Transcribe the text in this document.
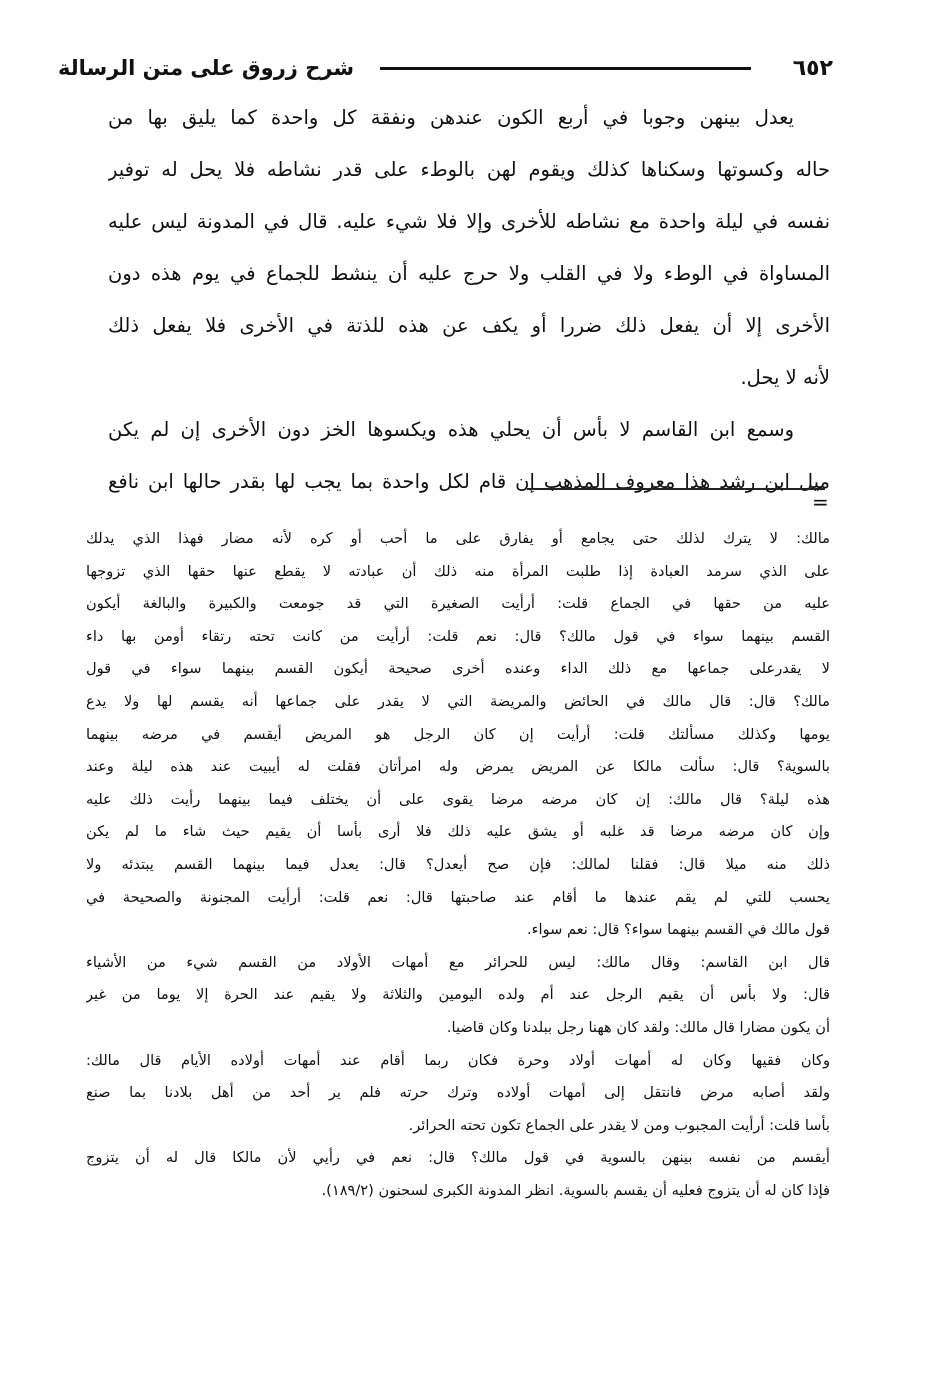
٦٥٢
شرح زروق على متن الرسالة
يعدل بينهن وجوبا في أربع الكون عندهن ونفقة كل واحدة كما يليق بها من
حاله وكسوتها وسكناها كذلك ويقوم لهن بالوطء على قدر نشاطه فلا يحل له توفير
نفسه في ليلة واحدة مع نشاطه للأخرى وإلا فلا شيء عليه. قال في المدونة ليس عليه
المساواة في الوطء ولا في القلب ولا حرج عليه أن ينشط للجماع في يوم هذه دون
الأخرى إلا أن يفعل ذلك ضررا أو يكف عن هذه للذتة في الأخرى فلا يفعل ذلك
لأنه لا يحل.
وسمع ابن القاسم لا بأس أن يحلي هذه ويكسوها الخز دون الأخرى إن لم يكن
ميل ابن رشد هذا معروف المذهب إن قام لكل واحدة بما يجب لها بقدر حالها ابن نافع
=
مالك: لا يترك لذلك حتى يجامع أو يفارق على ما أحب أو كره لأنه مضار فهذا الذي يدلك
على الذي سرمد العبادة إذا طلبت المرأة منه ذلك أن عبادته لا يقطع عنها حقها الذي تزوجها
عليه من حقها في الجماع قلت: أرأيت الصغيرة التي قد جومعت والكبيرة والبالغة أيكون
القسم بينهما سواء في قول مالك؟ قال: نعم قلت: أرأيت من كانت تحته رتقاء أومن بها داء
لا يقدرعلى جماعها مع ذلك الداء وعنده أخرى صحيحة أيكون القسم بينهما سواء في قول
مالك؟ قال: قال مالك في الحائض والمريضة التي لا يقدر على جماعها أنه يقسم لها ولا يدع
يومها وكذلك مسألتك قلت: أرأيت إن كان الرجل هو المريض أيقسم في مرضه بينهما
بالسوية؟ قال: سألت مالكا عن المريض يمرض وله امرأتان فقلت له أيبيت عند هذه ليلة وعند
هذه ليلة؟ قال مالك: إن كان مرضه مرضا يقوى على أن يختلف فيما بينهما رأيت ذلك عليه
وإن كان مرضه مرضا قد غلبه أو يشق عليه ذلك فلا أرى بأسا أن يقيم حيث شاء ما لم يكن
ذلك منه ميلا قال: فقلنا لمالك: فإن صح أيعدل؟ قال: يعدل فيما بينهما القسم يبتدئه ولا
يحسب للتي لم يقم عندها ما أقام عند صاحبتها قال: نعم قلت: أرأيت المجنونة والصحيحة في
قول مالك في القسم بينهما سواء؟ قال: نعم سواء.
قال ابن القاسم: وقال مالك: ليس للحرائر مع أمهات الأولاد من القسم شيء من الأشياء
قال: ولا بأس أن يقيم الرجل عند أم ولده اليومين والثلاثة ولا يقيم عند الحرة إلا يوما من غير
أن يكون مضارا قال مالك: ولقد كان ههنا رجل ببلدنا وكان قاضيا.
وكان فقيها وكان له أمهات أولاد وحرة فكان ربما أقام عند أمهات أولاده الأيام قال مالك:
ولقد أصابه مرض فانتقل إلى أمهات أولاده وترك حرته فلم ير أحد من أهل بلادنا بما صنع
بأسا قلت: أرأيت المجبوب ومن لا يقدر على الجماع تكون تحته الحرائر.
أيقسم من نفسه بينهن بالسوية في قول مالك؟ قال: نعم في رأيي لأن مالكا قال له أن يتزوج
فإذا كان له أن يتزوج فعليه أن يقسم بالسوية. انظر المدونة الكبرى لسحنون (١٨٩/٢).
